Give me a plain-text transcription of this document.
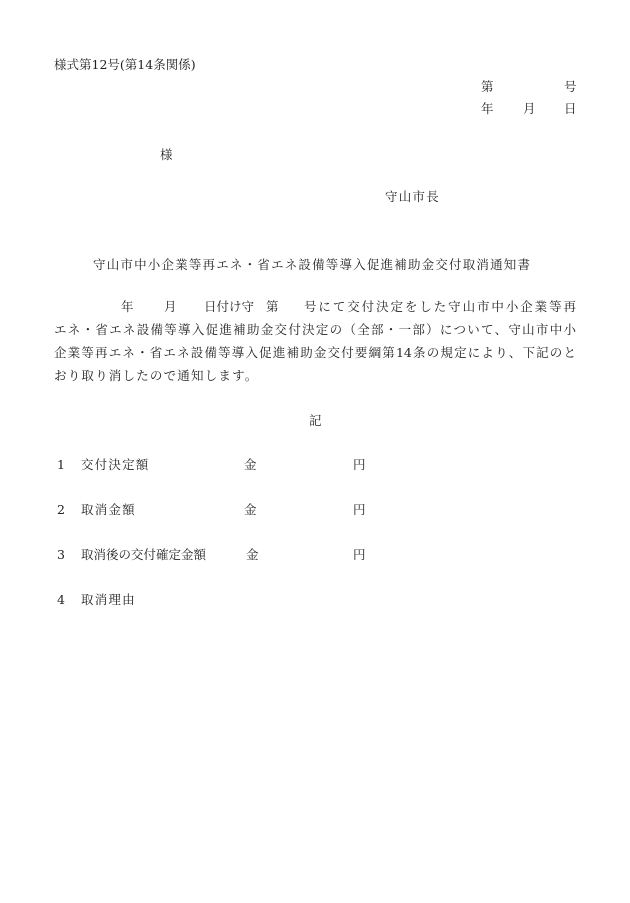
様式第12号(第14条関係)
第	号
年 月 日
様
守山市長
守山市中小企業等再エネ・省エネ設備等導入促進補助金交付取消通知書
年 月 日付け守 第 号にて交付決定をした守山市中小企業等再
エネ・省エネ設備等導入促進補助金交付決定の（全部・一部）について、守山市中小
企業等再エネ・省エネ設備等導入促進補助金交付要綱第14条の規定により、下記のと
おり取り消したので通知します。
記
1 交付決定額	金	円
2 取消金額	金	円
3 取消後の交付確定金額	金	円
4 取消理由
